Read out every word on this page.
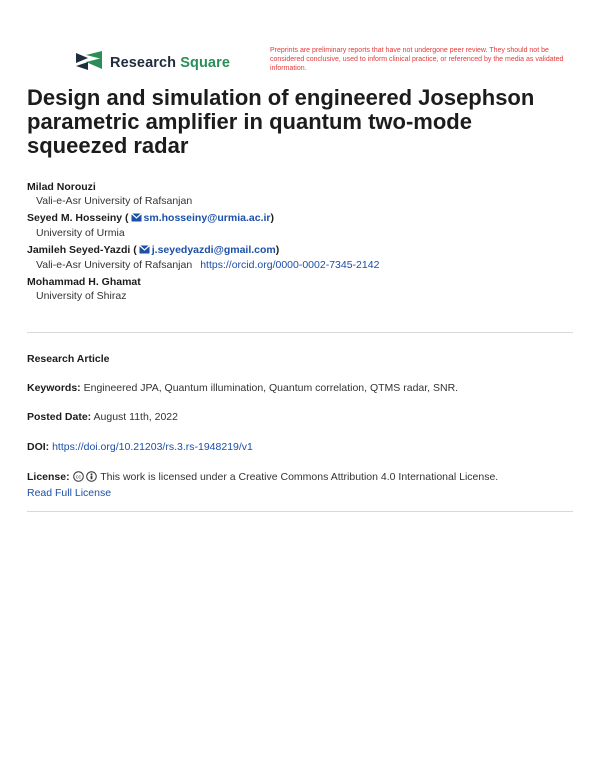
Research Square
Preprints are preliminary reports that have not undergone peer review. They should not be considered conclusive, used to inform clinical practice, or referenced by the media as validated information.
Design and simulation of engineered Josephson parametric amplifier in quantum two-mode squeezed radar
Milad Norouzi
Vali-e-Asr University of Rafsanjan
Seyed M. Hosseiny ( sm.hosseiny@urmia.ac.ir)
University of Urmia
Jamileh Seyed-Yazdi ( j.seyedyazdi@gmail.com)
Vali-e-Asr University of Rafsanjan https://orcid.org/0000-0002-7345-2142
Mohammad H. Ghamat
University of Shiraz
Research Article
Keywords: Engineered JPA, Quantum illumination, Quantum correlation, QTMS radar, SNR.
Posted Date: August 11th, 2022
DOI: https://doi.org/10.21203/rs.3.rs-1948219/v1
License: cc This work is licensed under a Creative Commons Attribution 4.0 International License.
Read Full License
